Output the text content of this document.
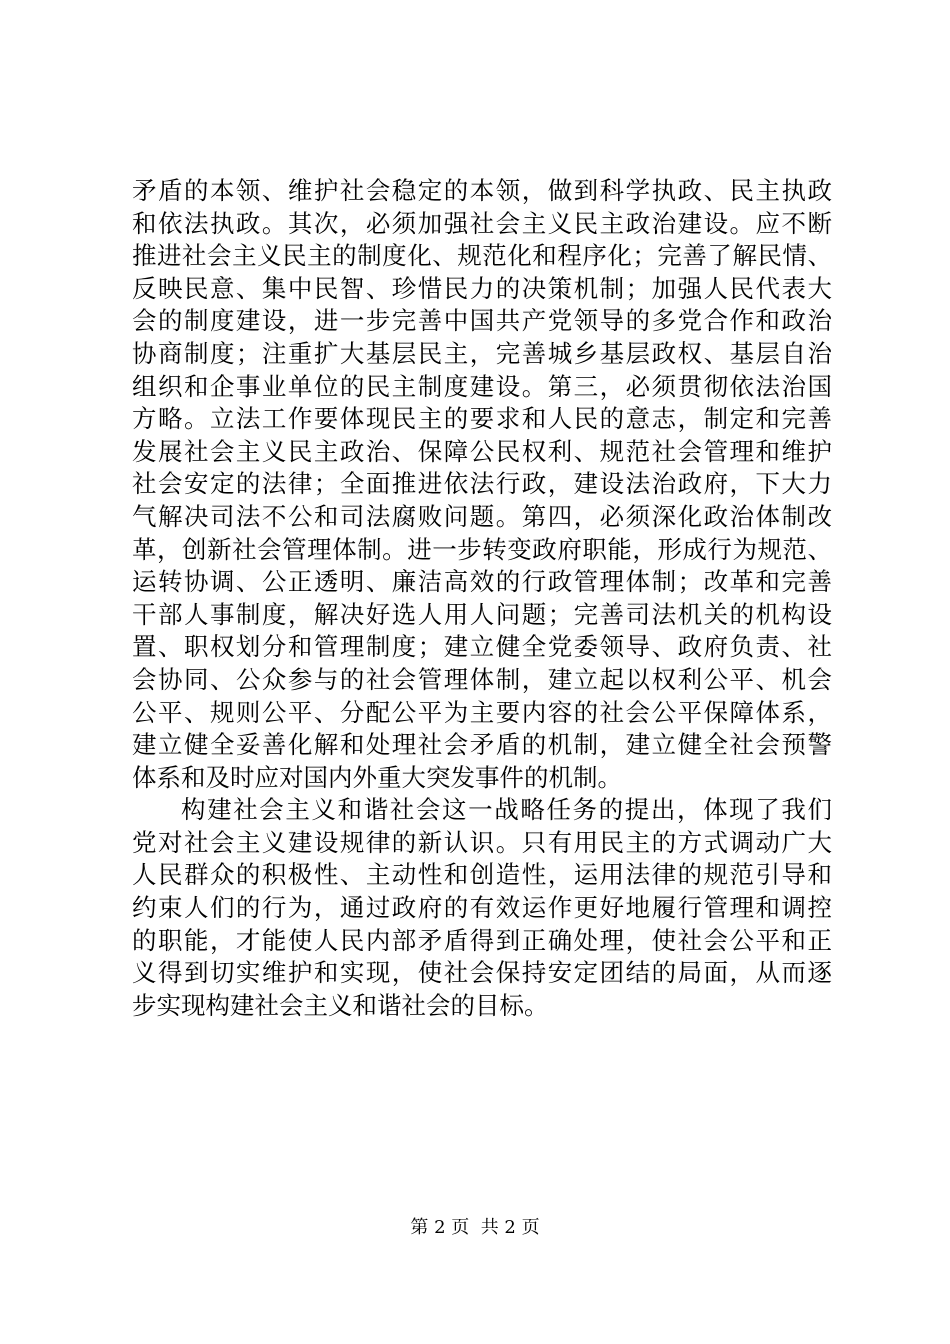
矛盾的本领、维护社会稳定的本领，做到科学执政、民主执政
和依法执政。其次，必须加强社会主义民主政治建设。应不断
推进社会主义民主的制度化、规范化和程序化；完善了解民情、
反映民意、集中民智、珍惜民力的决策机制；加强人民代表大
会的制度建设，进一步完善中国共产党领导的多党合作和政治
协商制度；注重扩大基层民主，完善城乡基层政权、基层自治
组织和企事业单位的民主制度建设。第三，必须贯彻依法治国
方略。立法工作要体现民主的要求和人民的意志，制定和完善
发展社会主义民主政治、保障公民权利、规范社会管理和维护
社会安定的法律；全面推进依法行政，建设法治政府，下大力
气解决司法不公和司法腐败问题。第四，必须深化政治体制改
革，创新社会管理体制。进一步转变政府职能，形成行为规范、
运转协调、公正透明、廉洁高效的行政管理体制；改革和完善
干部人事制度，解决好选人用人问题；完善司法机关的机构设
置、职权划分和管理制度；建立健全党委领导、政府负责、社
会协同、公众参与的社会管理体制，建立起以权利公平、机会
公平、规则公平、分配公平为主要内容的社会公平保障体系，
建立健全妥善化解和处理社会矛盾的机制，建立健全社会预警
体系和及时应对国内外重大突发事件的机制。
构建社会主义和谐社会这一战略任务的提出，体现了我们
党对社会主义建设规律的新认识。只有用民主的方式调动广大
人民群众的积极性、主动性和创造性，运用法律的规范引导和
约束人们的行为，通过政府的有效运作更好地履行管理和调控
的职能，才能使人民内部矛盾得到正确处理，使社会公平和正
义得到切实维护和实现，使社会保持安定团结的局面，从而逐
步实现构建社会主义和谐社会的目标。
第 2 页  共 2 页
